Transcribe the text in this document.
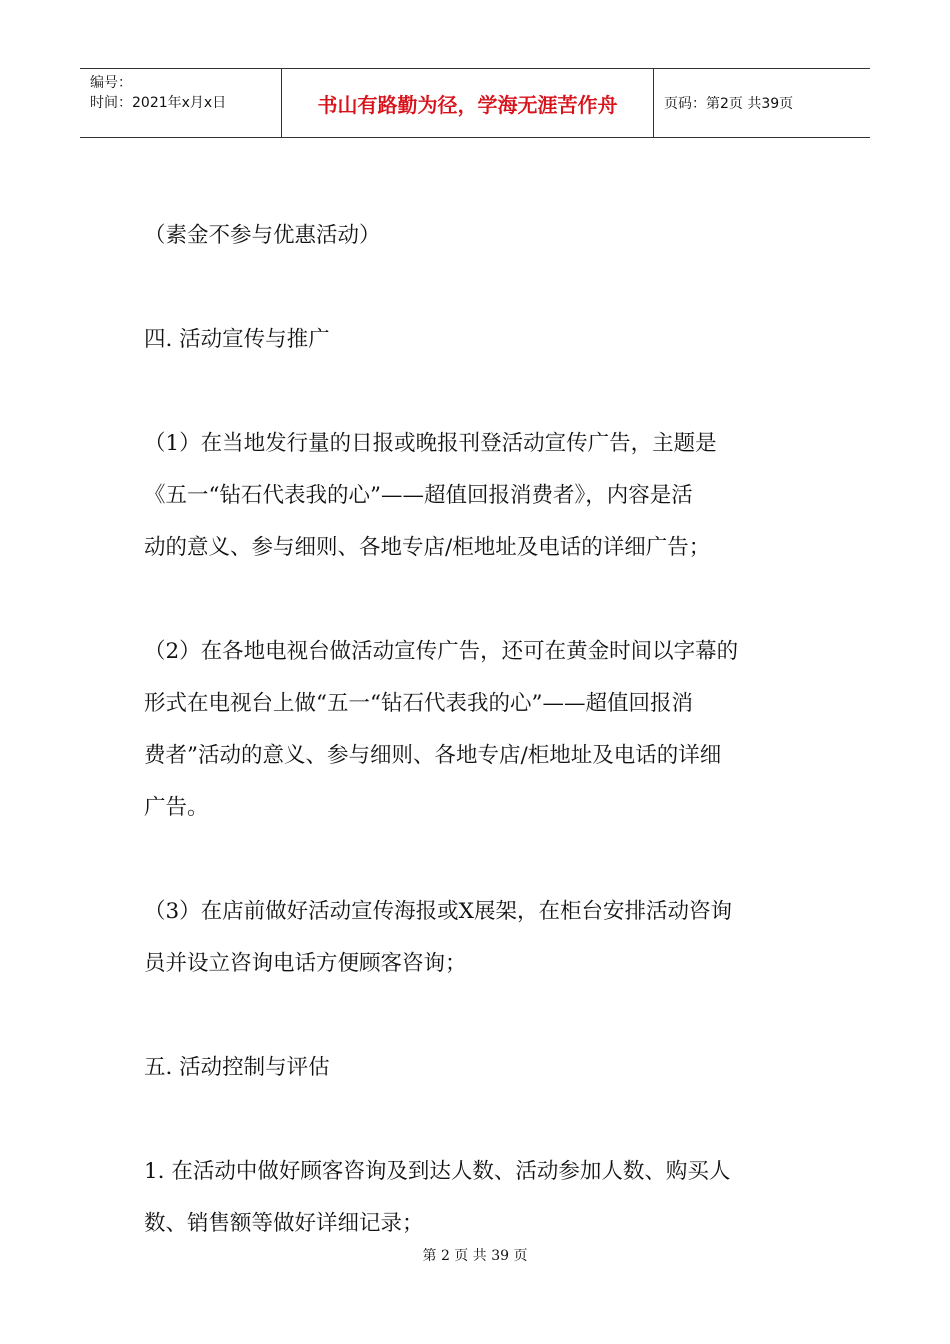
编号：
时间：2021年x月x日	书山有路勤为径，学海无涯苦作舟	页码：第2页 共39页

（素金不参与优惠活动）

四. 活动宣传与推广

（1）在当地发行量的日报或晚报刊登活动宣传广告，主题是

《五一“钻石代表我的心”——超值回报消费者》，内容是活

动的意义、参与细则、各地专店/柜地址及电话的详细广告；

（2）在各地电视台做活动宣传广告，还可在黄金时间以字幕的

形式在电视台上做“五一“钻石代表我的心”——超值回报消

费者”活动的意义、参与细则、各地专店/柜地址及电话的详细

广告。

（3）在店前做好活动宣传海报或X展架，在柜台安排活动咨询

员并设立咨询电话方便顾客咨询；

五. 活动控制与评估

1. 在活动中做好顾客咨询及到达人数、活动参加人数、购买人

数、销售额等做好详细记录；

第 2 页 共 39 页
